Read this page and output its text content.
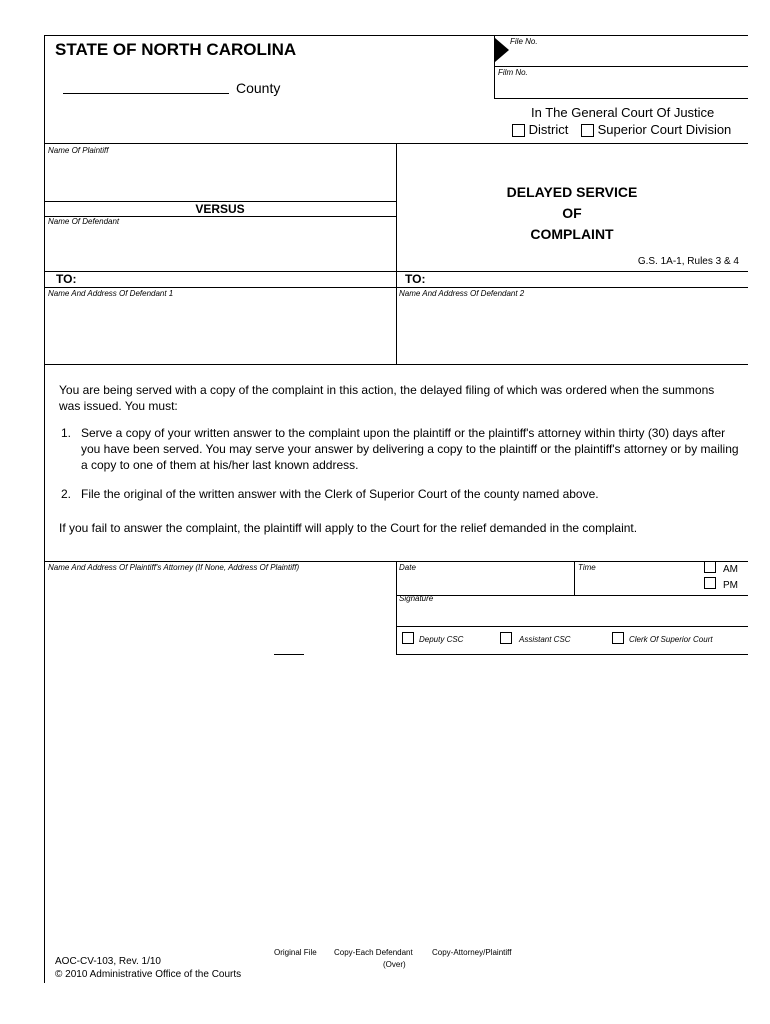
STATE OF NORTH CAROLINA
County
File No.
Film No.
In The General Court Of Justice
District	Superior Court Division
Name Of Plaintiff
VERSUS
Name Of Defendant
DELAYED SERVICE
OF
COMPLAINT
G.S. 1A-1, Rules 3 & 4
TO:	TO:
Name And Address Of Defendant 1	Name And Address Of Defendant 2
You are being served with a copy of the complaint in this action, the delayed filing of which was ordered when the summons was issued. You must:
1. Serve a copy of your written answer to the complaint upon the plaintiff or the plaintiff's attorney within thirty (30) days after you have been served. You may serve your answer by delivering a copy to the plaintiff or the plaintiff's attorney or by mailing a copy to one of them at his/her last known address.
2. File the original of the written answer with the Clerk of Superior Court of the county named above.
If you fail to answer the complaint, the plaintiff will apply to the Court for the relief demanded in the complaint.
Name And Address Of Plaintiff's Attorney (If None, Address Of Plaintiff)	Date	Time	AM
PM
Signature
Deputy CSC	Assistant CSC	Clerk Of Superior Court
AOC-CV-103, Rev. 1/10
© 2010 Administrative Office of the Courts
Original File Copy-Each Defendant Copy-Attorney/Plaintiff
(Over)
